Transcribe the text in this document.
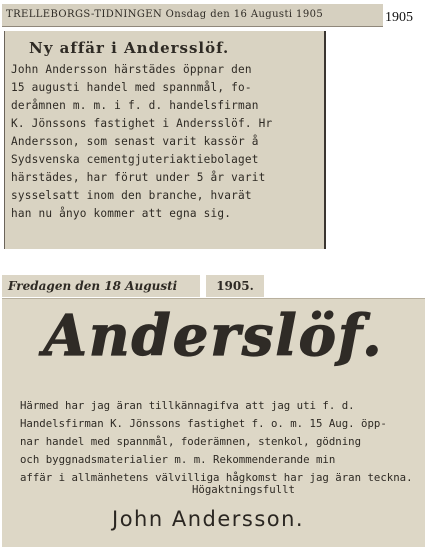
TRELLEBORGS-TIDNINGEN Onsdag den 16 Augusti 1905	1905
Ny affär i Andersslöf.
John Andersson härstädes öppnar den
15 augusti handel med spannmål, fo-
deråmnen m. m. i f. d. handelsfirman
K. Jönssons fastighet i Andersslöf. Hr
Andersson, som senast varit kassör å
Sydsvenska cementgjuteriaktiebolaget
härstädes, har förut under 5 år varit
sysselsatt inom den branche, hvarät
han nu ånyo kommer att egna sig.
Fredagen den 18 Augusti	1905.
Anderslöf.
Härmed har jag äran tillkännagifva att jag uti f. d.
Handelsfirman K. Jönssons fastighet f. o. m. 15 Aug. öpp-
nar handel med spannmål, foderämnen, stenkol, gödning
och byggnadsmaterialier m. m. Rekommenderande min
affär i allmänhetens välvilliga hågkomst har jag äran teckna.
Högaktningsfullt
John Andersson.
